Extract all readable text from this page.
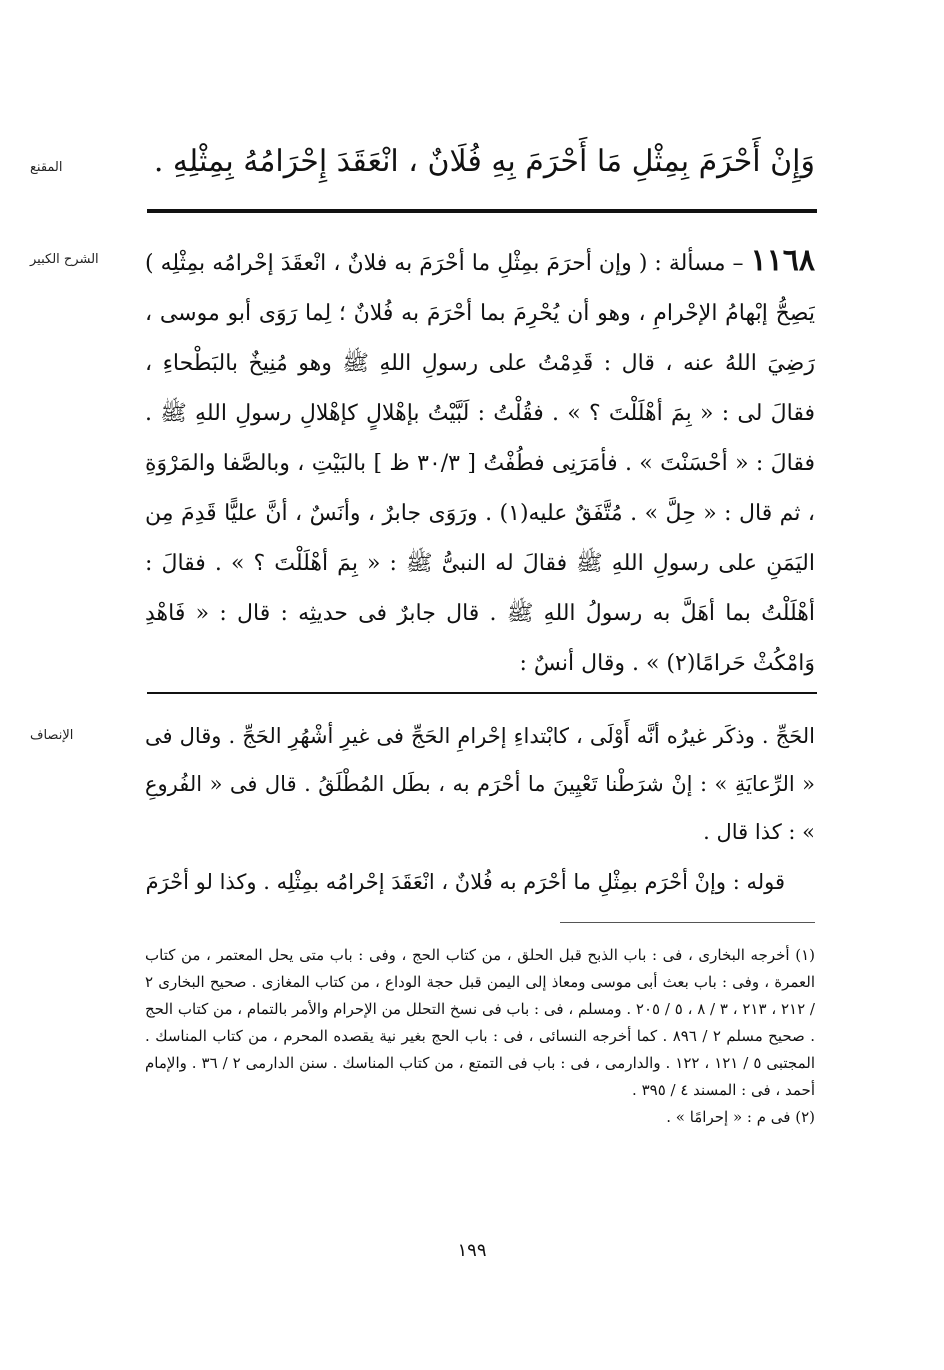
المقنع	وَإِنْ أَحْرَمَ بِمِثْلِ مَا أَحْرَمَ بِهِ فُلَانٌ ، انْعَقَدَ إِحْرَامُهُ بِمِثْلِهِ .
الشرح الكبير	١١٦٨ – مسألة : ( وإن أحرَمَ بمِثْلِ ما أحْرَمَ به فلانٌ ، انْعقَدَ إحْرامُه بمِثْلِه ) يَصِحُّ إبْهامُ الإحْرامِ ، وهو أن يُحْرِمَ بما أحْرَمَ به فُلانٌ ؛ لِما رَوَى أبو موسى ، رَضِيَ اللهُ عنه ، قال : قَدِمْتُ على رسولِ اللهِ ﷺ وهو مُنِيخٌ بالبَطْحاءِ ، فقالَ لى : « بِمَ أهْلَلْتَ ؟ » . فقُلْتُ : لَبَّيْتُ بإهْلالٍ كإهْلالِ رسولِ اللهِ ﷺ . فقالَ : « أحْسَنْتَ » . فأمَرَنِى فطُفْتُ [ ٣٠/٣ ظ ] بالبَيْتِ ، وبالصَّفا والمَرْوَةِ ، ثم قال : « حِلَّ » . مُتَّفَقٌ عليه(١) . ورَوَى جابرٌ ، وأنَسٌ ، أنَّ عليًّا قَدِمَ مِن اليَمَنِ على رسولِ اللهِ ﷺ فقالَ له النبىُّ ﷺ : « بِمَ أهْلَلْتَ ؟ » . فقالَ : أهْلَلْتُ بما أهَلَّ به رسولُ اللهِ ﷺ . قال جابرٌ فى حديثِه : قال : « فَاهْدِ وَامْكُثْ حَرامًا(٢) » . وقال أنسٌ :
الإنصاف	الحَجِّ . وذكَر غيرُه أنَّه أَوْلَى ، كابْتداءِ إحْرامِ الحَجِّ فى غيرِ أشْهُرِ الحَجِّ . وقال فى « الرِّعايَةِ » : إنْ شرَطْنا تَعْيِينَ ما أحْرَم به ، بطَل المُطْلَقُ . قال فى « الفُروعِ » : كذا قال .
قوله : وإنْ أحْرَم بمِثْلِ ما أحْرَم به فُلانٌ ، انْعَقَدَ إحْرامُه بمِثْلِه . وكذا لو أحْرَمَ

(١) أخرجه البخارى ، فى : باب الذبح قبل الحلق ، من كتاب الحج ، وفى : باب متى يحل المعتمر ، من كتاب العمرة ، وفى : باب بعث أبى موسى ومعاذ إلى اليمن قبل حجة الوداع ، من كتاب المغازى . صحيح البخارى ٢ / ٢١٢ ، ٢١٣ ، ٣ / ٨ ، ٥ / ٢٠٥ . ومسلم ، فى : باب فى نسخ التحلل من الإحرام والأمر بالتمام ، من كتاب الحج . صحيح مسلم ٢ / ٨٩٦ . كما أخرجه النسائى ، فى : باب الحج بغير نية يقصده المحرم ، من كتاب المناسك . المجتبى ٥ / ١٢١ ، ١٢٢ . والدارمى ، فى : باب فى التمتع ، من كتاب المناسك . سنن الدارمى ٢ / ٣٦ . والإمام أحمد ، فى : المسند ٤ / ٣٩٥ .

(٢) فى م : « إحرامًا » .

١٩٩
